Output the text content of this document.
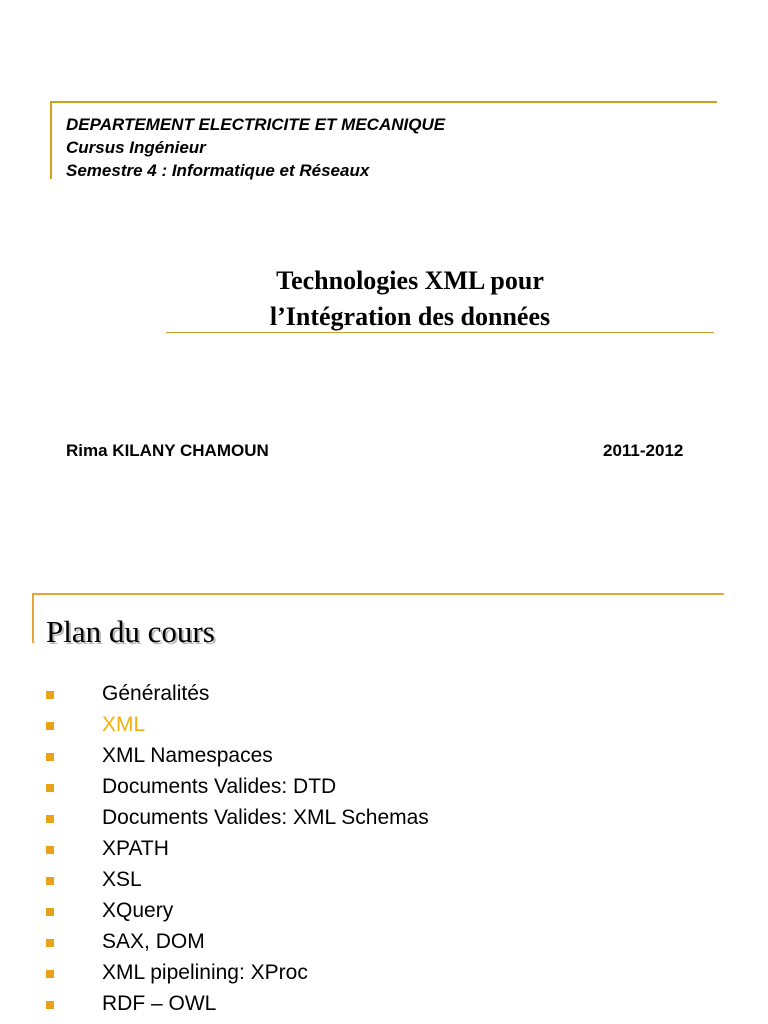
DEPARTEMENT ELECTRICITE ET MECANIQUE
Cursus Ingénieur
Semestre 4 : Informatique et Réseaux
Technologies XML pour
l’Intégration des données
Rima KILANY CHAMOUN	2011-2012
Plan du cours
Généralités
XML
XML Namespaces
Documents Valides: DTD
Documents Valides: XML Schemas
XPATH
XSL
XQuery
SAX, DOM
XML pipelining: XProc
RDF – OWL
